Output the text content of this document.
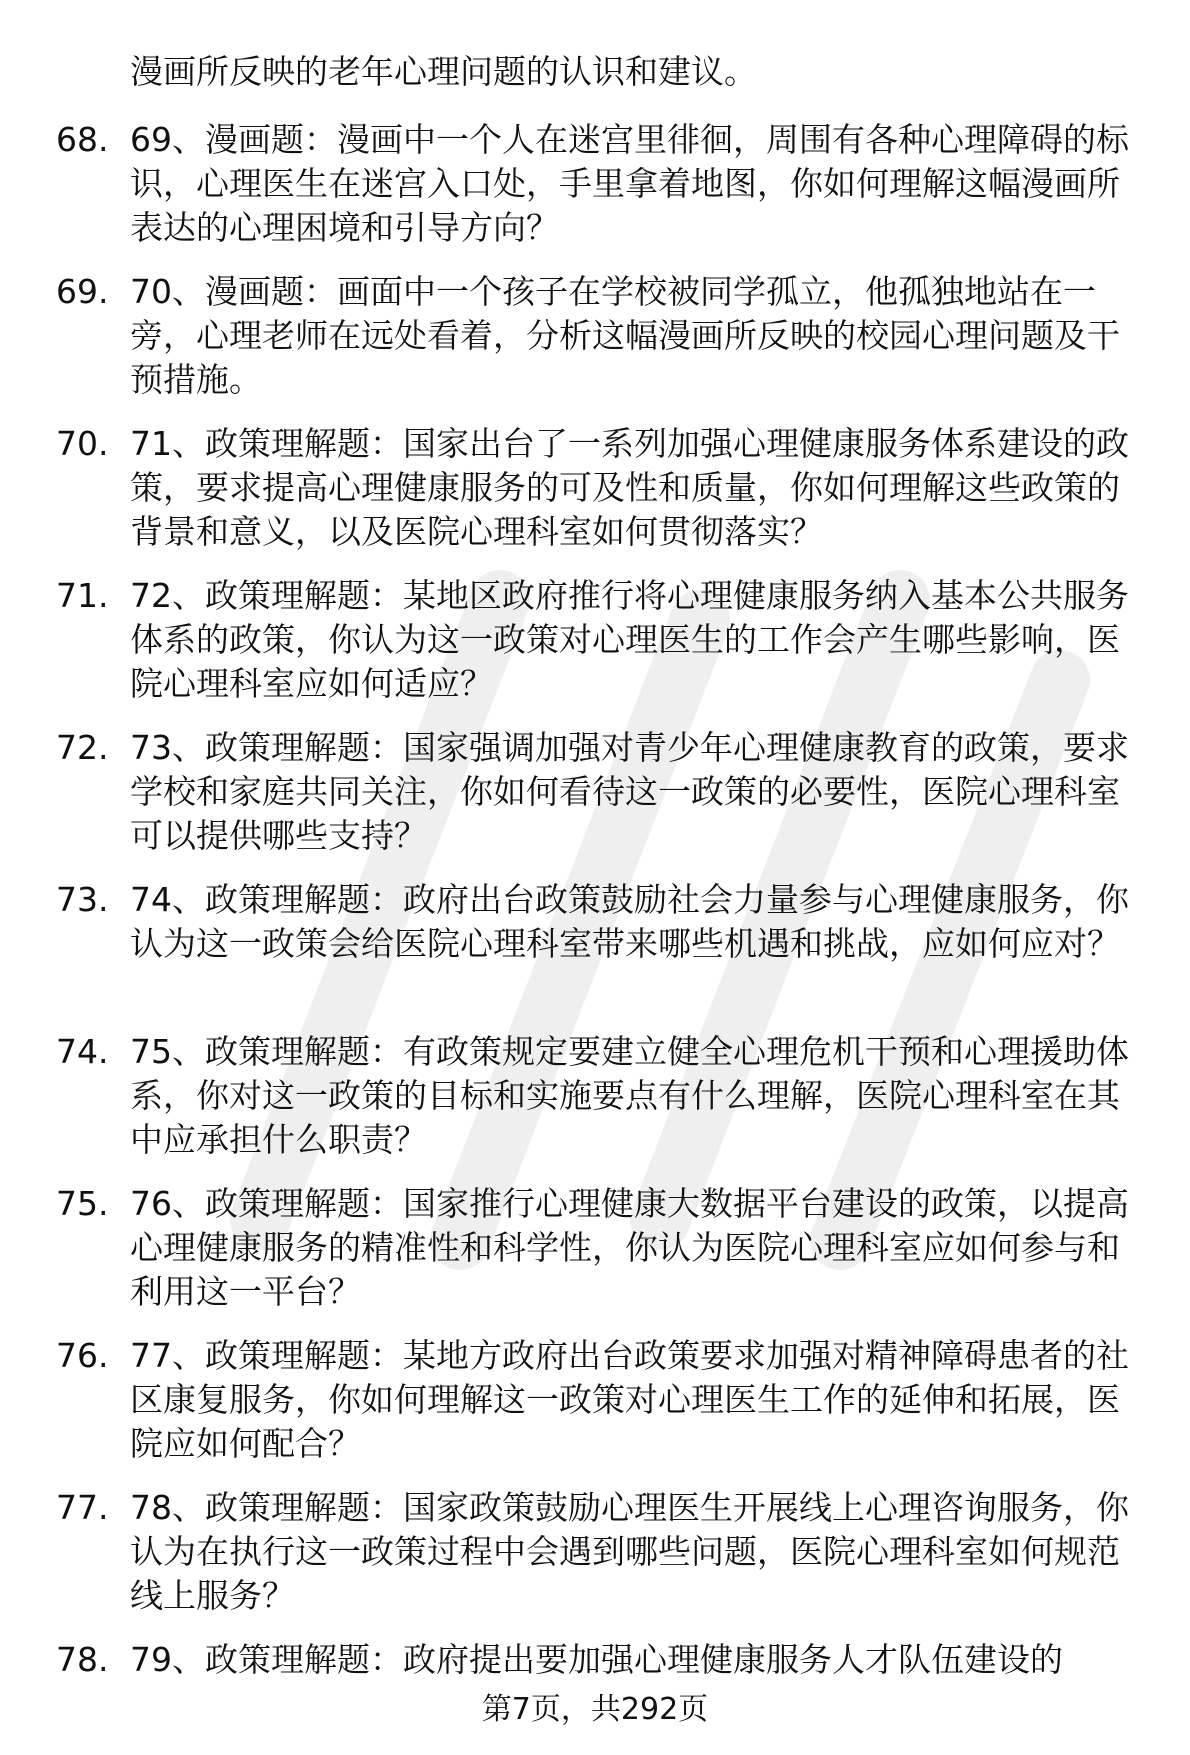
漫画所反映的老年心理问题的认识和建议。

68. 69、漫画题：漫画中一个人在迷宫里徘徊，周围有各种心理障碍的标识，心理医生在迷宫入口处，手里拿着地图，你如何理解这幅漫画所表达的心理困境和引导方向？

69. 70、漫画题：画面中一个孩子在学校被同学孤立，他孤独地站在一旁，心理老师在远处看着，分析这幅漫画所反映的校园心理问题及干预措施。

70. 71、政策理解题：国家出台了一系列加强心理健康服务体系建设的政策，要求提高心理健康服务的可及性和质量，你如何理解这些政策的背景和意义，以及医院心理科室如何贯彻落实？

71. 72、政策理解题：某地区政府推行将心理健康服务纳入基本公共服务体系的政策，你认为这一政策对心理医生的工作会产生哪些影响，医院心理科室应如何适应？

72. 73、政策理解题：国家强调加强对青少年心理健康教育的政策，要求学校和家庭共同关注，你如何看待这一政策的必要性，医院心理科室可以提供哪些支持？

73. 74、政策理解题：政府出台政策鼓励社会力量参与心理健康服务，你认为这一政策会给医院心理科室带来哪些机遇和挑战，应如何应对？

74. 75、政策理解题：有政策规定要建立健全心理危机干预和心理援助体系，你对这一政策的目标和实施要点有什么理解，医院心理科室在其中应承担什么职责？

75. 76、政策理解题：国家推行心理健康大数据平台建设的政策，以提高心理健康服务的精准性和科学性，你认为医院心理科室应如何参与和利用这一平台？

76. 77、政策理解题：某地方政府出台政策要求加强对精神障碍患者的社区康复服务，你如何理解这一政策对心理医生工作的延伸和拓展，医院应如何配合？

77. 78、政策理解题：国家政策鼓励心理医生开展线上心理咨询服务，你认为在执行这一政策过程中会遇到哪些问题，医院心理科室如何规范线上服务？

78. 79、政策理解题：政府提出要加强心理健康服务人才队伍建设的

第7页，共292页
